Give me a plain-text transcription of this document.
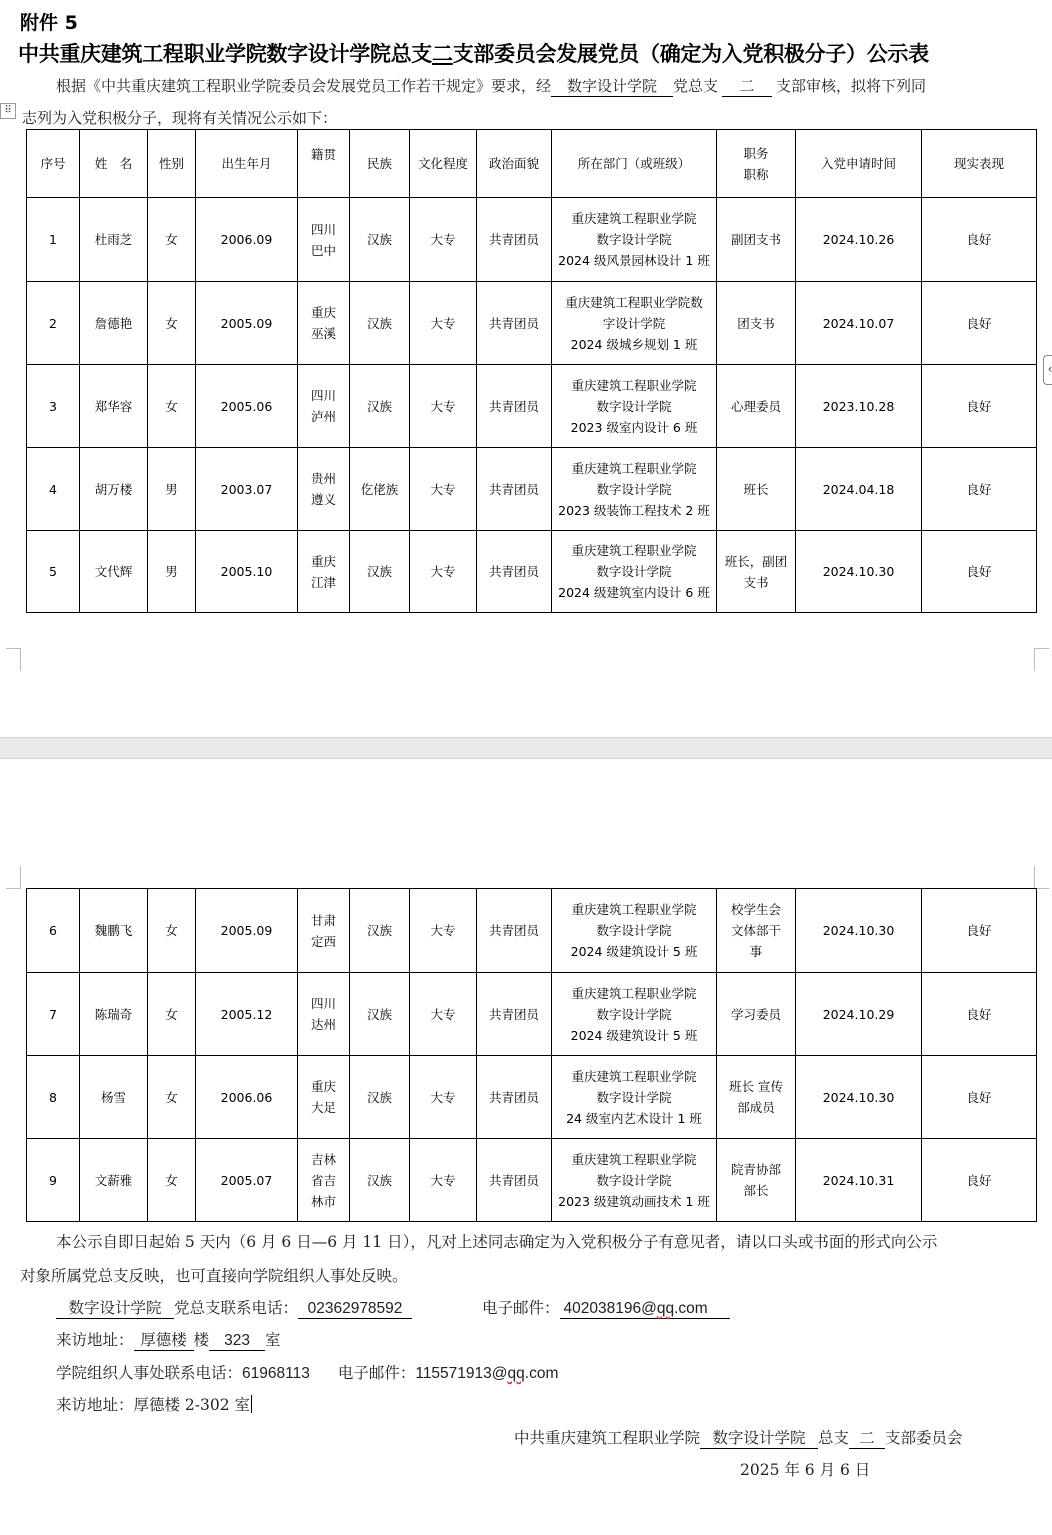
附件 5
中共重庆建筑工程职业学院数字设计学院总支二支部委员会发展党员（确定为入党积极分子）公示表
根据《中共重庆建筑工程职业学院委员会发展党员工作若干规定》要求，经 数字设计学院 党总支 二 支部审核，拟将下列同
志列为入党积极分子，现将有关情况公示如下：
⠿
‹
序号	姓　名	性别	出生年月	籍贯	民族	文化程度	政治面貌	所在部门（或班级）	职务
职称	入党申请时间	现实表现
1	杜雨芝	女	2006.09	四川
巴中	汉族	大专	共青团员	重庆建筑工程职业学院
数字设计学院
2024 级风景园林设计 1 班	副团支书	2024.10.26	良好
2	詹德艳	女	2005.09	重庆
巫溪	汉族	大专	共青团员	重庆建筑工程职业学院数
字设计学院
2024 级城乡规划 1 班	团支书	2024.10.07	良好
3	郑华容	女	2005.06	四川
泸州	汉族	大专	共青团员	重庆建筑工程职业学院
数字设计学院
2023 级室内设计 6 班	心理委员	2023.10.28	良好
4	胡万楼	男	2003.07	贵州
遵义	仡佬族	大专	共青团员	重庆建筑工程职业学院
数字设计学院
2023 级装饰工程技术 2 班	班长	2024.04.18	良好
5	文代辉	男	2005.10	重庆
江津	汉族	大专	共青团员	重庆建筑工程职业学院
数字设计学院
2024 级建筑室内设计 6 班	班长，副团
支书	2024.10.30	良好
6	魏鹏飞	女	2005.09	甘肃
定西	汉族	大专	共青团员	重庆建筑工程职业学院
数字设计学院
2024 级建筑设计 5 班	校学生会
文体部干
事	2024.10.30	良好
7	陈瑞奇	女	2005.12	四川
达州	汉族	大专	共青团员	重庆建筑工程职业学院
数字设计学院
2024 级建筑设计 5 班	学习委员	2024.10.29	良好
8	杨雪	女	2006.06	重庆
大足	汉族	大专	共青团员	重庆建筑工程职业学院
数字设计学院
24 级室内艺术设计 1 班	班长 宣传
部成员	2024.10.30	良好
9	文薪雅	女	2005.07	吉林
省吉
林市	汉族	大专	共青团员	重庆建筑工程职业学院
数字设计学院
2023 级建筑动画技术 1 班	院青协部
部长	2024.10.31	良好
本公示自即日起始 5 天内（6 月 6 日—6 月 11 日），凡对上述同志确定为入党积极分子有意见者，请以口头或书面的形式向公示
对象所属党总支反映，也可直接向学院组织人事处反映。
数字设计学院 党总支联系电话： 02362978592	电子邮件： 402038196@qq.com
来访地址： 厚德楼 楼 323 室
学院组织人事处联系电话：61968113 电子邮件：115571913@qq.com
来访地址：厚德楼 2-302 室
中共重庆建筑工程职业学院 数字设计学院 总支 二 支部委员会
2025 年 6 月 6 日
